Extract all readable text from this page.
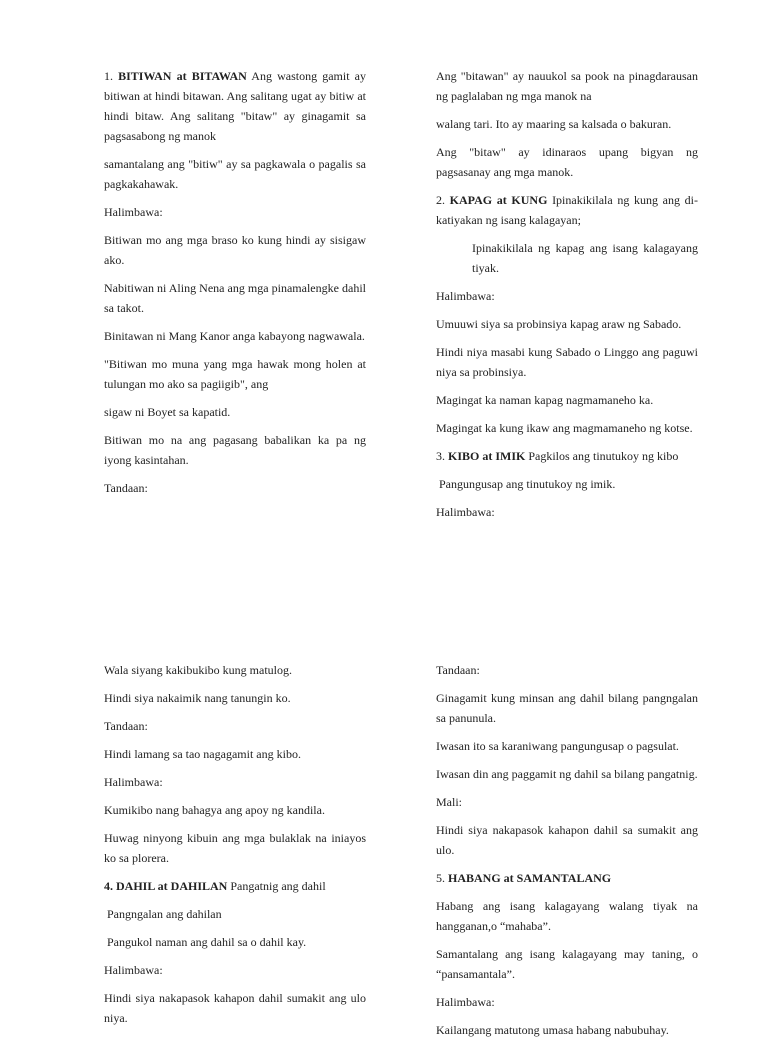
1. BITIWAN at BITAWAN Ang wastong gamit ay bitiwan at hindi bitawan. Ang salitang ugat ay bitiw at hindi bitaw. Ang salitang "bitaw" ay ginagamit sa pagsasabong ng manok

samantalang ang "bitiw" ay sa pagkawala o pagalis sa pagkakahawak.

Halimbawa:

Bitiwan mo ang mga braso ko kung hindi ay sisigaw ako.

Nabitiwan ni Aling Nena ang mga pinamalengke dahil sa takot.

Binitawan ni Mang Kanor anga kabayong nagwawala.

"Bitiwan mo muna yang mga hawak mong holen at tulungan mo ako sa pagiigib", ang

sigaw ni Boyet sa kapatid.

Bitiwan mo na ang pagasang babalikan ka pa ng iyong kasintahan.

Tandaan:

Ang "bitawan" ay nauukol sa pook na pinagdarausan ng paglalaban ng mga manok na

walang tari. Ito ay maaring sa kalsada o bakuran.

Ang "bitaw" ay idinaraos upang bigyan ng pagsasanay ang mga manok.

2. KAPAG at KUNG Ipinakikilala ng kung ang di-katiyakan ng isang kalagayan;

Ipinakikilala ng kapag ang isang kalagayang tiyak.

Halimbawa:

Umuuwi siya sa probinsiya kapag araw ng Sabado.

Hindi niya masabi kung Sabado o Linggo ang paguwi niya sa probinsiya.

Magingat ka naman kapag nagmamaneho ka.

Magingat ka kung ikaw ang magmamaneho ng kotse.

3. KIBO at IMIK Pagkilos ang tinutukoy ng kibo

Pangungusap ang tinutukoy ng imik.

Halimbawa:

Wala siyang kakibukibo kung matulog.

Hindi siya nakaimik nang tanungin ko.

Tandaan:

Hindi lamang sa tao nagagamit ang kibo.

Halimbawa:

Kumikibo nang bahagya ang apoy ng kandila.

Huwag ninyong kibuin ang mga bulaklak na iniayos ko sa plorera.

4. DAHIL at DAHILAN Pangatnig ang dahil

Pangngalan ang dahilan

Pangukol naman ang dahil sa o dahil kay.

Halimbawa:

Hindi siya nakapasok kahapon dahil sumakit ang ulo niya.

Tandaan:

Ginagamit kung minsan ang dahil bilang pangngalan sa panunula.

Iwasan ito sa karaniwang pangungusap o pagsulat.

Iwasan din ang paggamit ng dahil sa bilang pangatnig.

Mali:

Hindi siya nakapasok kahapon dahil sa sumakit ang ulo.

5. HABANG at SAMANTALANG

Habang ang isang kalagayang walang tiyak na hangganan,o “mahaba”.

Samantalang ang isang kalagayang may taning, o “pansamantala”.

Halimbawa:

Kailangang matutong umasa habang nabubuhay.
